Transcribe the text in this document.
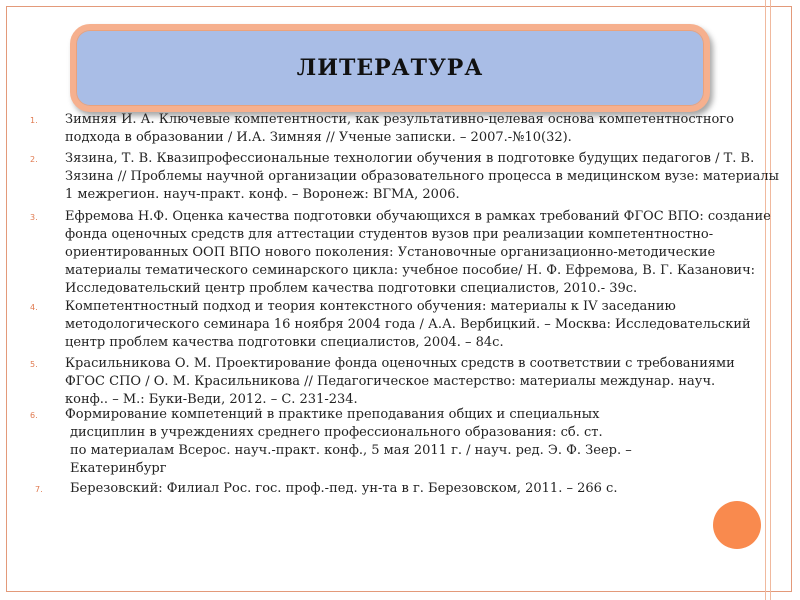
ЛИТЕРАТУРА
1. Зимняя И. А. Ключевые компетентности, как результативно-целевая основа компетентностного
подхода в образовании / И.А. Зимняя // Ученые записки. – 2007.-№10(32).
2. Зязина, Т. В. Квазипрофессиональные технологии обучения в подготовке будущих педагогов / Т. В.
Зязина // Проблемы научной организации образовательного процесса в медицинском вузе: материалы
1 межрегион. науч-практ. конф. – Воронеж: ВГМА, 2006.
3. Ефремова Н.Ф. Оценка качества подготовки обучающихся в рамках требований ФГОС ВПО: создание
фонда оценочных средств для аттестации студентов вузов при реализации компетентностно-
ориентированных ООП ВПО нового поколения: Установочные организационно-методические
материалы тематического семинарского цикла: учебное пособие/ Н. Ф. Ефремова, В. Г. Казанович:
Исследовательский центр проблем качества подготовки специалистов, 2010.- 39с.
4. Компетентностный подход и теория контекстного обучения: материалы к IV заседанию
методологического семинара 16 ноября 2004 года / А.А. Вербицкий. – Москва: Исследовательский
центр проблем качества подготовки специалистов, 2004. – 84с.
5. Красильникова О. М. Проектирование фонда оценочных средств в соответствии с требованиями
ФГОС СПО / О. М. Красильникова // Педагогическое мастерство: материалы междунар. науч.
конф.. – М.: Буки-Веди, 2012. – С. 231-234.
6. Формирование компетенций в практике преподавания общих и специальных
дисциплин в учреждениях среднего профессионального образования: сб. ст.
по материалам Всерос. науч.-практ. конф., 5 мая 2011 г. / науч. ред. Э. Ф. Зеер. –
Екатеринбург
7. Березовский: Филиал Рос. гос. проф.-пед. ун-та в г. Березовском, 2011. – 266 с.
